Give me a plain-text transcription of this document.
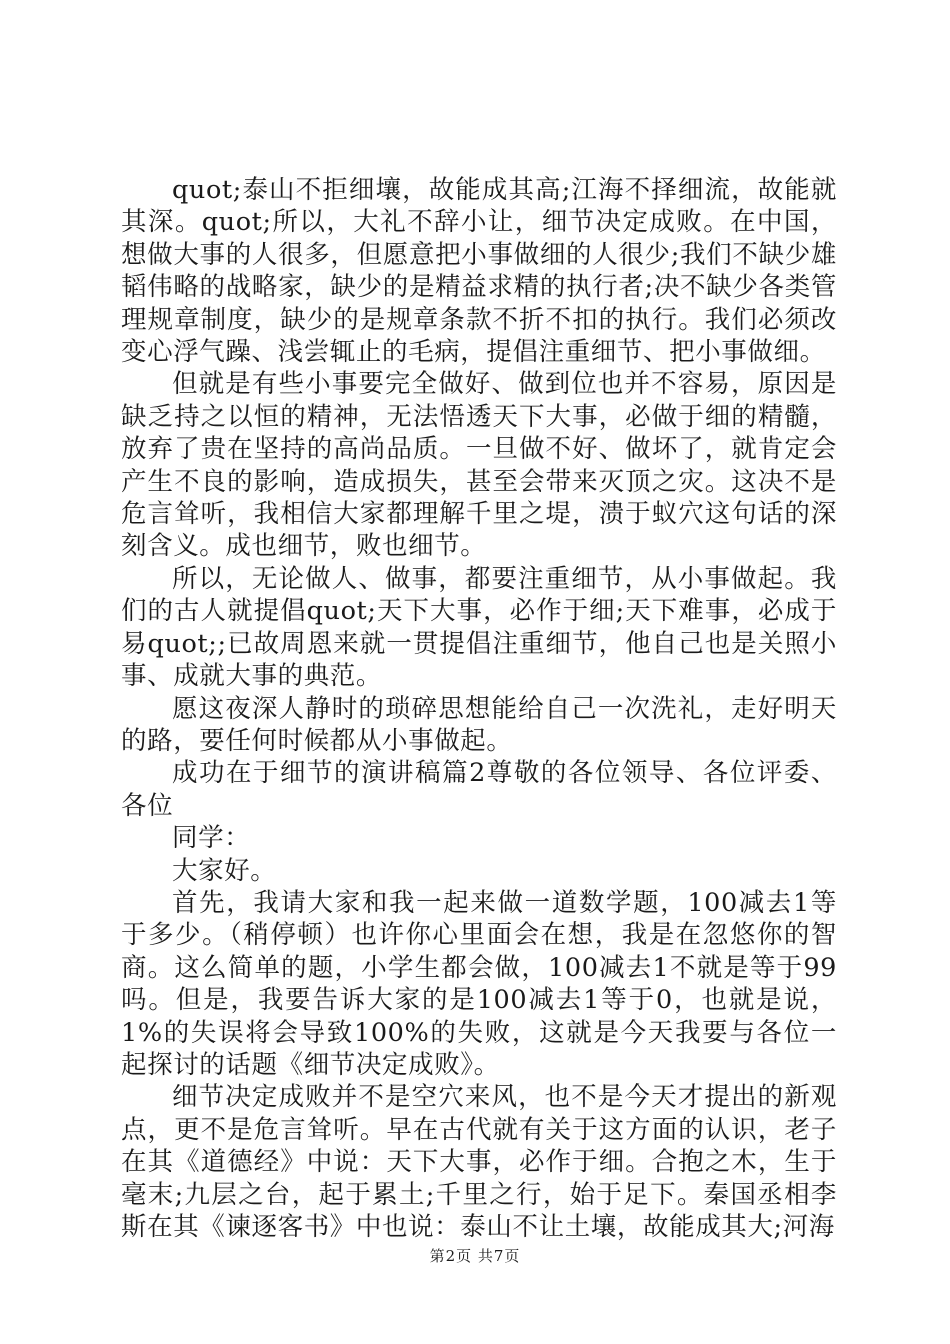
quot;泰山不拒细壤，故能成其高;江海不择细流，故能就其深。quot;所以，大礼不辞小让，细节决定成败。在中国，想做大事的人很多，但愿意把小事做细的人很少;我们不缺少雄韬伟略的战略家，缺少的是精益求精的执行者;决不缺少各类管理规章制度，缺少的是规章条款不折不扣的执行。我们必须改变心浮气躁、浅尝辄止的毛病，提倡注重细节、把小事做细。

但就是有些小事要完全做好、做到位也并不容易，原因是缺乏持之以恒的精神，无法悟透天下大事，必做于细的精髓，放弃了贵在坚持的高尚品质。一旦做不好、做坏了，就肯定会产生不良的影响，造成损失，甚至会带来灭顶之灾。这决不是危言耸听，我相信大家都理解千里之堤，溃于蚁穴这句话的深刻含义。成也细节，败也细节。

所以，无论做人、做事，都要注重细节，从小事做起。我们的古人就提倡quot;天下大事，必作于细;天下难事，必成于易quot;;已故周恩来就一贯提倡注重细节，他自己也是关照小事、成就大事的典范。

愿这夜深人静时的琐碎思想能给自己一次洗礼，走好明天的路，要任何时候都从小事做起。

成功在于细节的演讲稿篇2尊敬的各位领导、各位评委、各位

同学：

大家好。

首先，我请大家和我一起来做一道数学题，100减去1等于多少。（稍停顿）也许你心里面会在想，我是在忽悠你的智商。这么简单的题，小学生都会做，100减去1不就是等于99吗。但是，我要告诉大家的是100减去1等于0，也就是说，1%的失误将会导致100%的失败，这就是今天我要与各位一起探讨的话题《细节决定成败》。

细节决定成败并不是空穴来风，也不是今天才提出的新观点，更不是危言耸听。早在古代就有关于这方面的认识，老子在其《道德经》中说：天下大事，必作于细。合抱之木，生于毫末;九层之台，起于累土;千里之行，始于足下。秦国丞相李斯在其《谏逐客书》中也说：泰山不让土壤，故能成其大;河海

第2页 共7页
